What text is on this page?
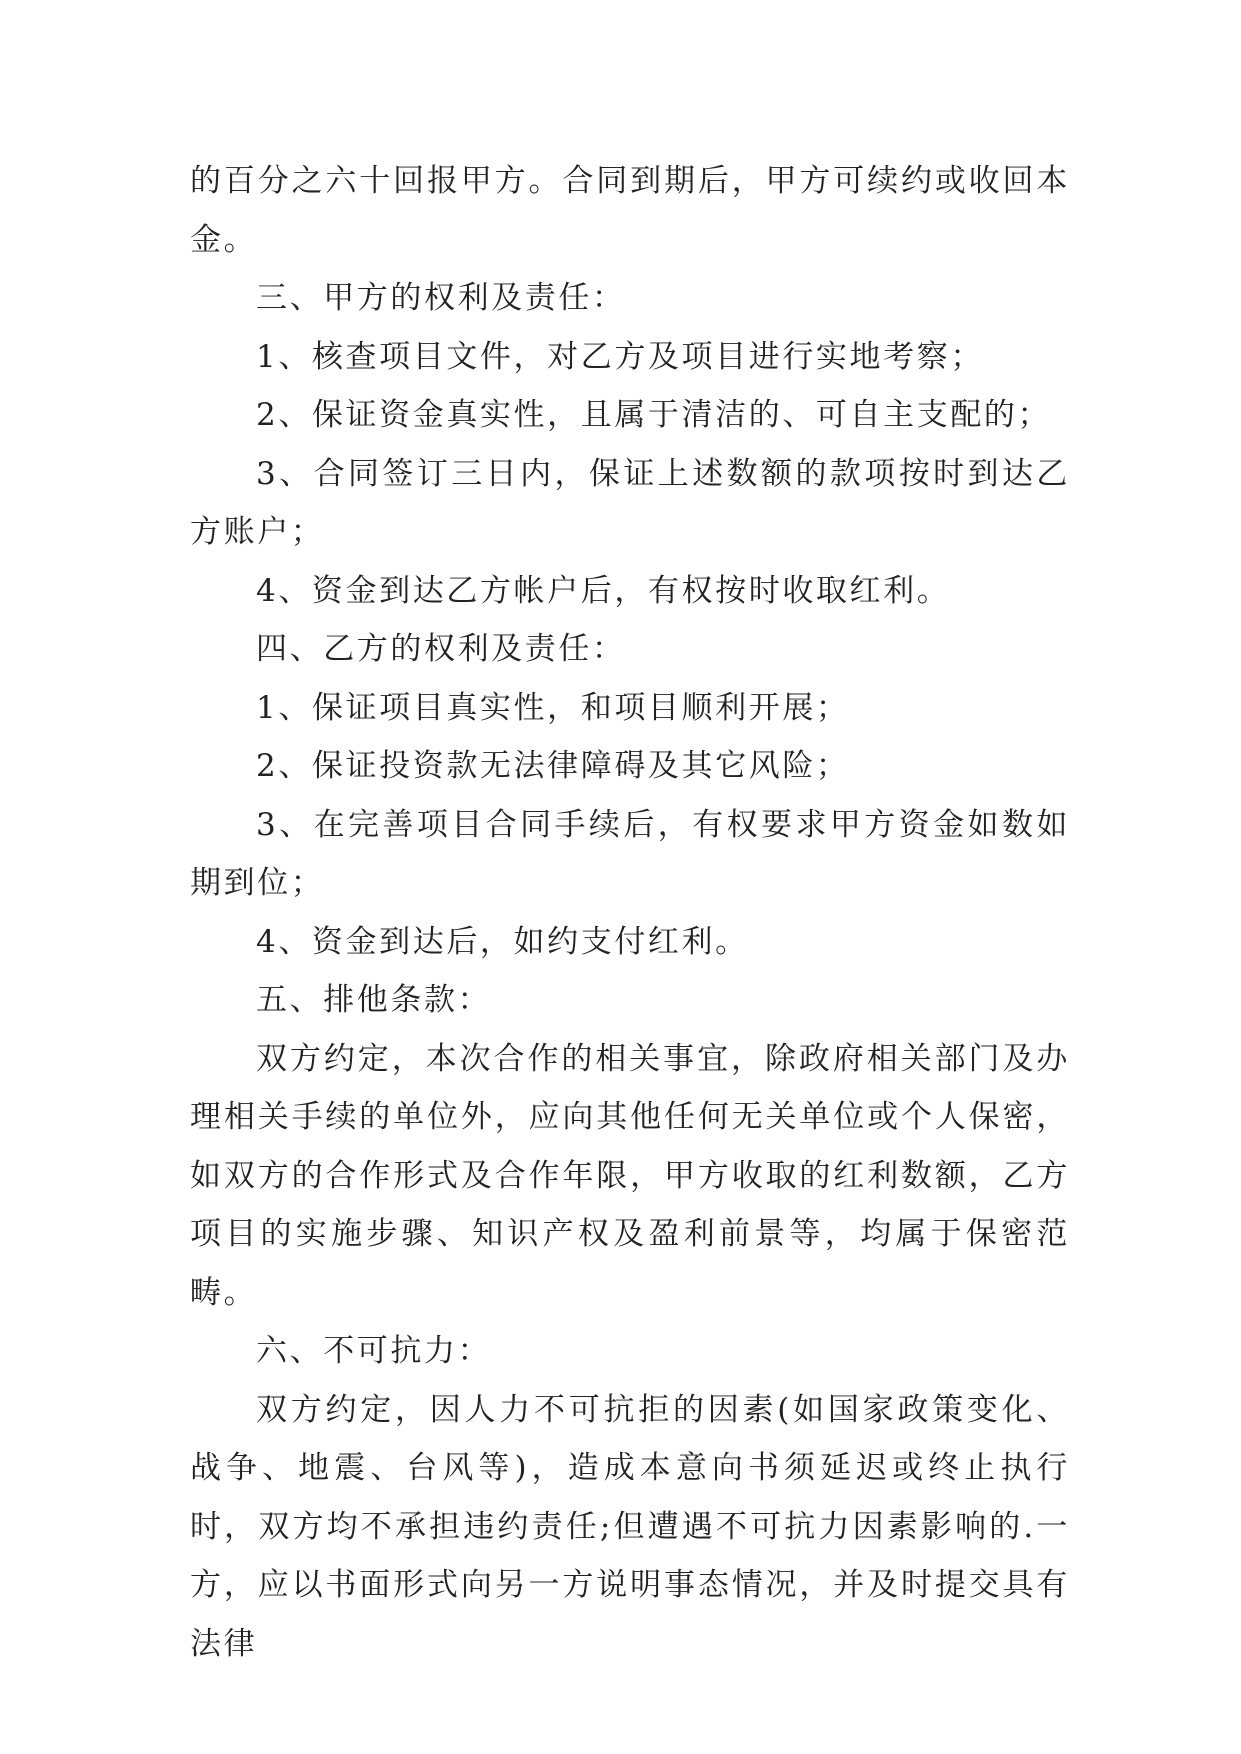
的百分之六十回报甲方。合同到期后，甲方可续约或收回本金。

三、甲方的权利及责任：

1、核查项目文件，对乙方及项目进行实地考察；

2、保证资金真实性，且属于清洁的、可自主支配的；

3、合同签订三日内，保证上述数额的款项按时到达乙方账户；

4、资金到达乙方帐户后，有权按时收取红利。

四、乙方的权利及责任：

1、保证项目真实性，和项目顺利开展；

2、保证投资款无法律障碍及其它风险；

3、在完善项目合同手续后，有权要求甲方资金如数如期到位；

4、资金到达后，如约支付红利。

五、排他条款：

双方约定，本次合作的相关事宜，除政府相关部门及办理相关手续的单位外，应向其他任何无关单位或个人保密，如双方的合作形式及合作年限，甲方收取的红利数额，乙方项目的实施步骤、知识产权及盈利前景等，均属于保密范畴。

六、不可抗力：

双方约定，因人力不可抗拒的因素(如国家政策变化、战争、地震、台风等)，造成本意向书须延迟或终止执行时，双方均不承担违约责任;但遭遇不可抗力因素影响的.一方，应以书面形式向另一方说明事态情况，并及时提交具有法律
